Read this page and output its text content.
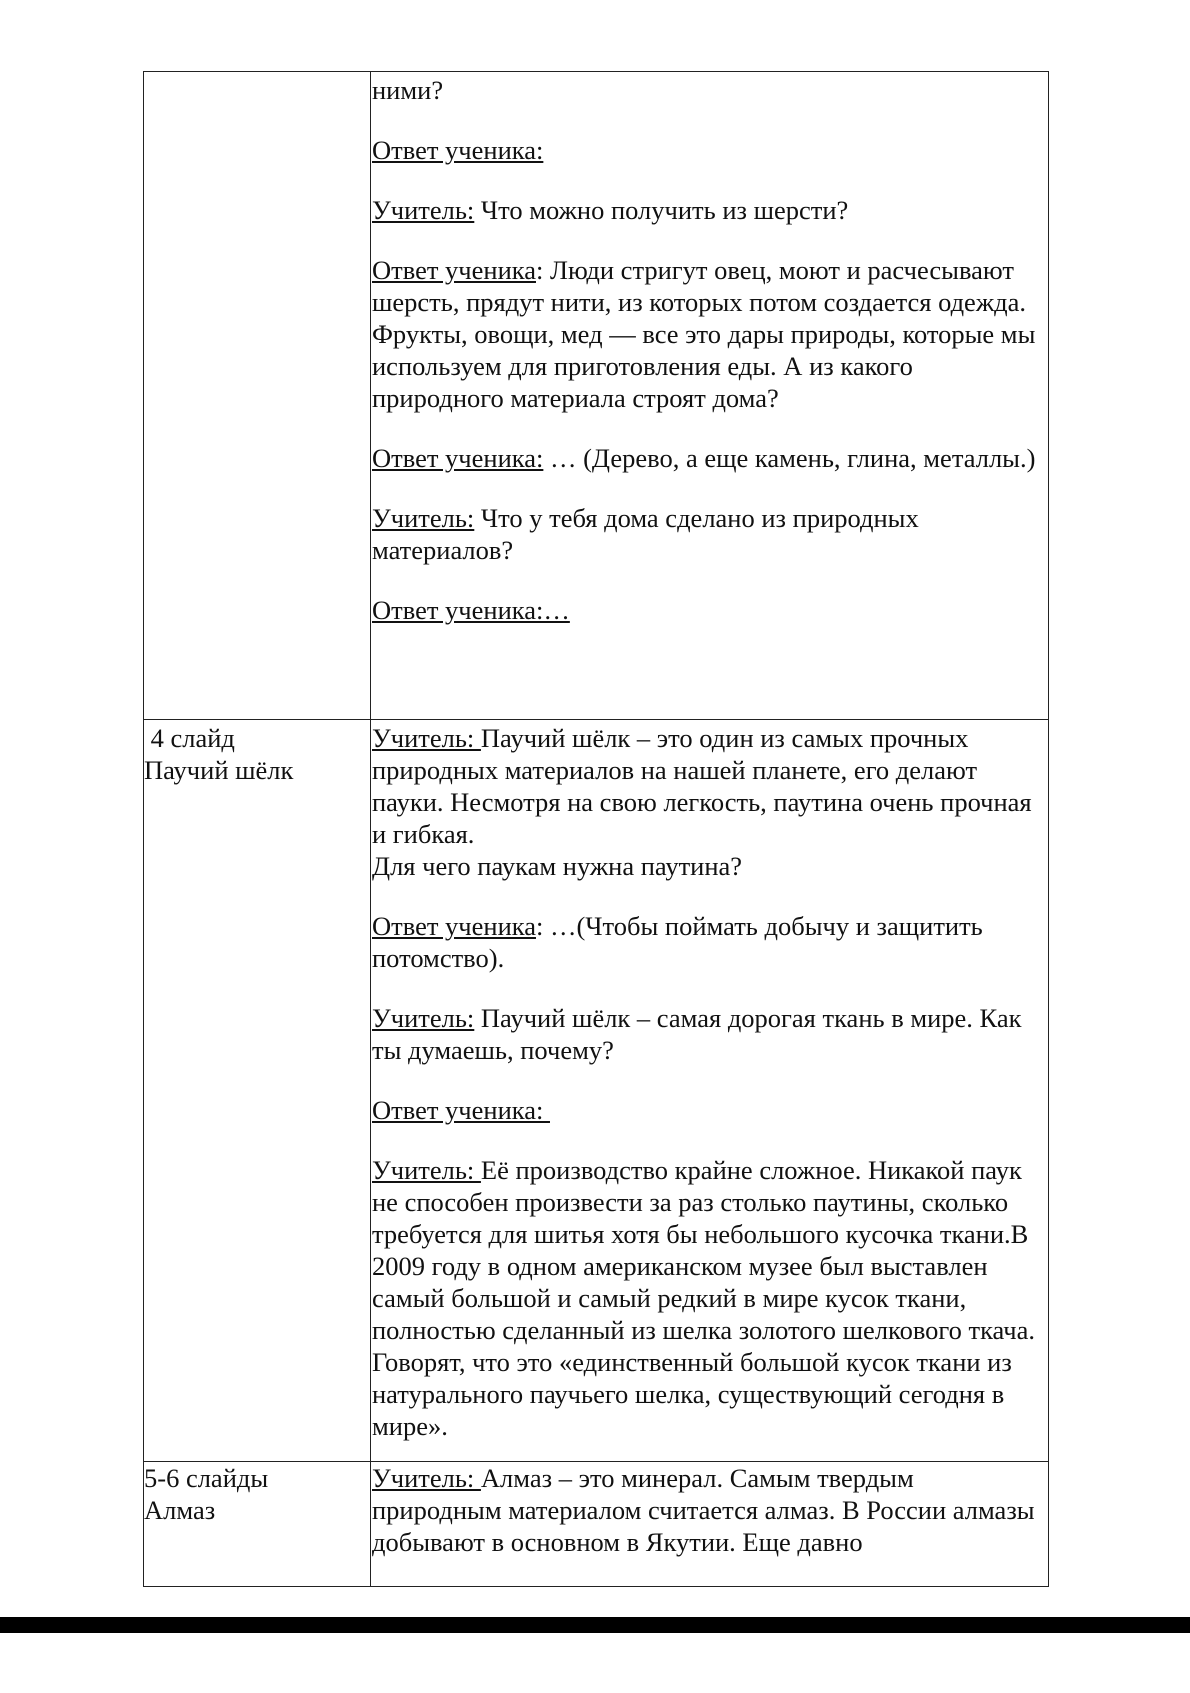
ними?

Ответ ученика:

Учитель: Что можно получить из шерсти?

Ответ ученика: Люди стригут овец, моют и расчесывают шерсть, прядут нити, из которых потом создается одежда. Фрукты, овощи, мед — все это дары природы, которые мы используем для приготовления еды. А из какого природного материала строят дома?

Ответ ученика: … (Дерево, а еще камень, глина, металлы.)

Учитель: Что у тебя дома сделано из природных материалов?

Ответ ученика:…

4 слайд

Паучий шёлк

Учитель: Паучий шёлк – это один из самых прочных природных материалов на нашей планете, его делают пауки. Несмотря на свою легкость, паутина очень прочная и гибкая.

Для чего паукам нужна паутина?

Ответ ученика: …(Чтобы поймать добычу и защитить потомство).

Учитель: Паучий шёлк – самая дорогая ткань в мире. Как ты думаешь, почему?

Ответ ученика:

Учитель: Её производство крайне сложное. Никакой паук не способен произвести за раз столько паутины, сколько требуется для шитья хотя бы небольшого кусочка ткани.В 2009 году в одном американском музее был выставлен самый большой и самый редкий в мире кусок ткани, полностью сделанный из шелка золотого шелкового ткача. Говорят, что это «единственный большой кусок ткани из натурального паучьего шелка, существующий сегодня в мире».

5-6 слайды

Алмаз

Учитель: Алмаз – это минерал. Самым твердым природным материалом считается алмаз. В России алмазы добывают в основном в Якутии. Еще давно
